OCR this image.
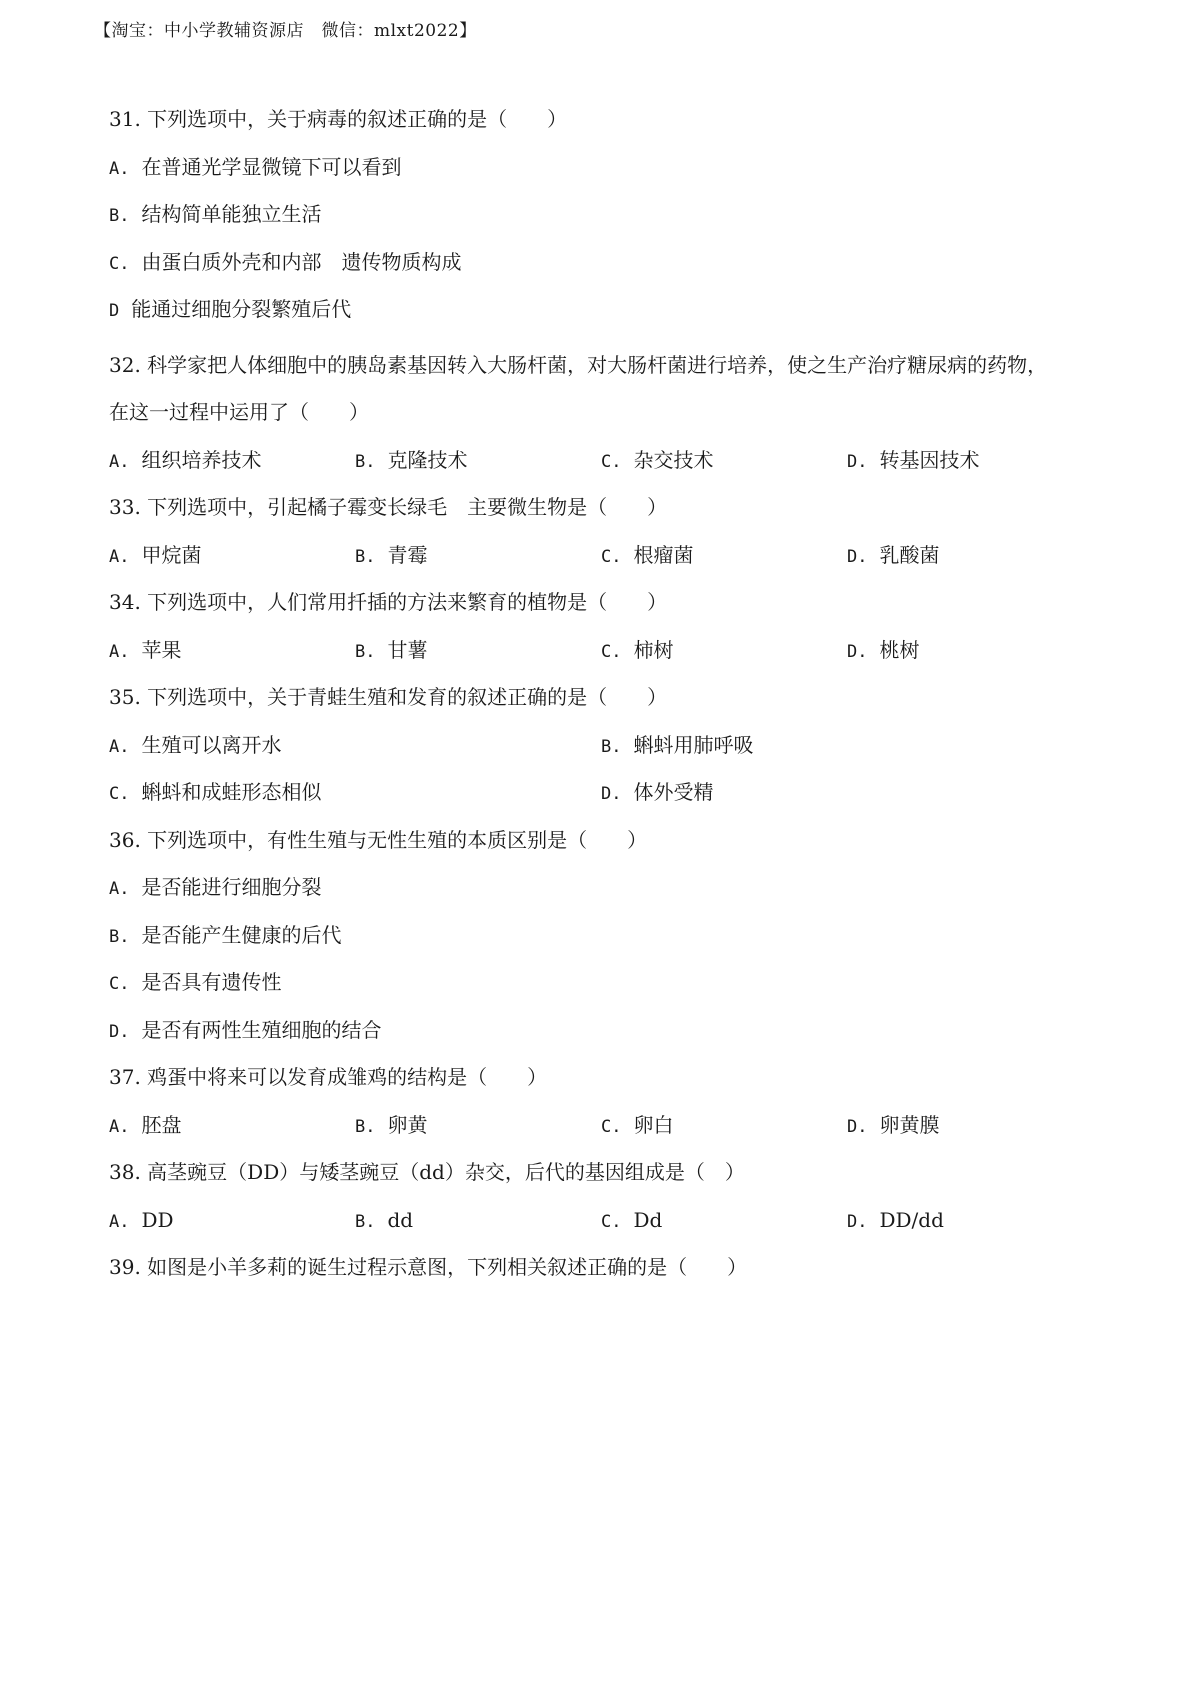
【淘宝：中小学教辅资源店　微信：mlxt2022】
31. 下列选项中，关于病毒的叙述正确的是（　　）
A. 在普通光学显微镜下可以看到
B. 结构简单能独立生活
C. 由蛋白质外壳和内部　遗传物质构成
D 能通过细胞分裂繁殖后代
32. 科学家把人体细胞中的胰岛素基因转入大肠杆菌，对大肠杆菌进行培养，使之生产治疗糖尿病的药物，
在这一过程中运用了（　　）
A. 组织培养技术	B. 克隆技术	C. 杂交技术	D. 转基因技术
33. 下列选项中，引起橘子霉变长绿毛　主要微生物是（　　）
A. 甲烷菌	B. 青霉	C. 根瘤菌	D. 乳酸菌
34. 下列选项中，人们常用扦插的方法来繁育的植物是（　　）
A. 苹果	B. 甘薯	C. 柿树	D. 桃树
35. 下列选项中，关于青蛙生殖和发育的叙述正确的是（　　）
A. 生殖可以离开水	B. 蝌蚪用肺呼吸
C. 蝌蚪和成蛙形态相似	D. 体外受精
36. 下列选项中，有性生殖与无性生殖的本质区别是（　　）
A. 是否能进行细胞分裂
B. 是否能产生健康的后代
C. 是否具有遗传性
D. 是否有两性生殖细胞的结合
37. 鸡蛋中将来可以发育成雏鸡的结构是（　　）
A. 胚盘	B. 卵黄	C. 卵白	D. 卵黄膜
38. 高茎豌豆（DD）与矮茎豌豆（dd）杂交，后代的基因组成是（　）
A. DD	B. dd	C. Dd	D. DD/dd
39. 如图是小羊多莉的诞生过程示意图，下列相关叙述正确的是（　　）
